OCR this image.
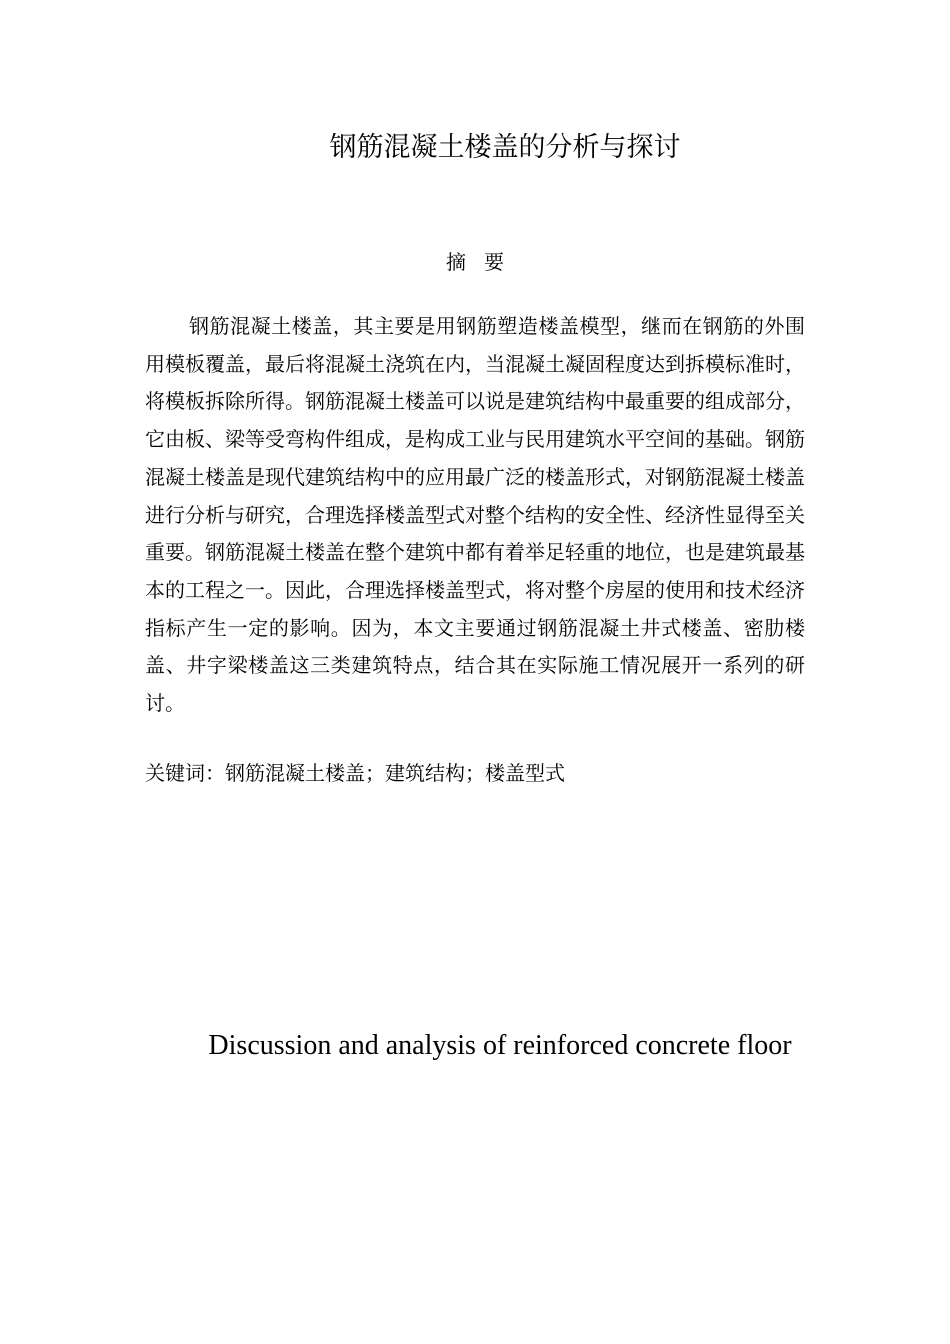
钢筋混凝土楼盖的分析与探讨
摘要

钢筋混凝土楼盖，其主要是用钢筋塑造楼盖模型，继而在钢筋的外围用模板覆盖，最后将混凝土浇筑在内，当混凝土凝固程度达到拆模标准时，将模板拆除所得。钢筋混凝土楼盖可以说是建筑结构中最重要的组成部分，它由板、梁等受弯构件组成，是构成工业与民用建筑水平空间的基础。钢筋混凝土楼盖是现代建筑结构中的应用最广泛的楼盖形式，对钢筋混凝土楼盖进行分析与研究，合理选择楼盖型式对整个结构的安全性、经济性显得至关重要。钢筋混凝土楼盖在整个建筑中都有着举足轻重的地位，也是建筑最基本的工程之一。因此，合理选择楼盖型式，将对整个房屋的使用和技术经济指标产生一定的影响。因为，本文主要通过钢筋混凝土井式楼盖、密肋楼盖、井字梁楼盖这三类建筑特点，结合其在实际施工情况展开一系列的研讨。

关键词：钢筋混凝土楼盖；建筑结构；楼盖型式

Discussion and analysis of reinforced concrete floor
